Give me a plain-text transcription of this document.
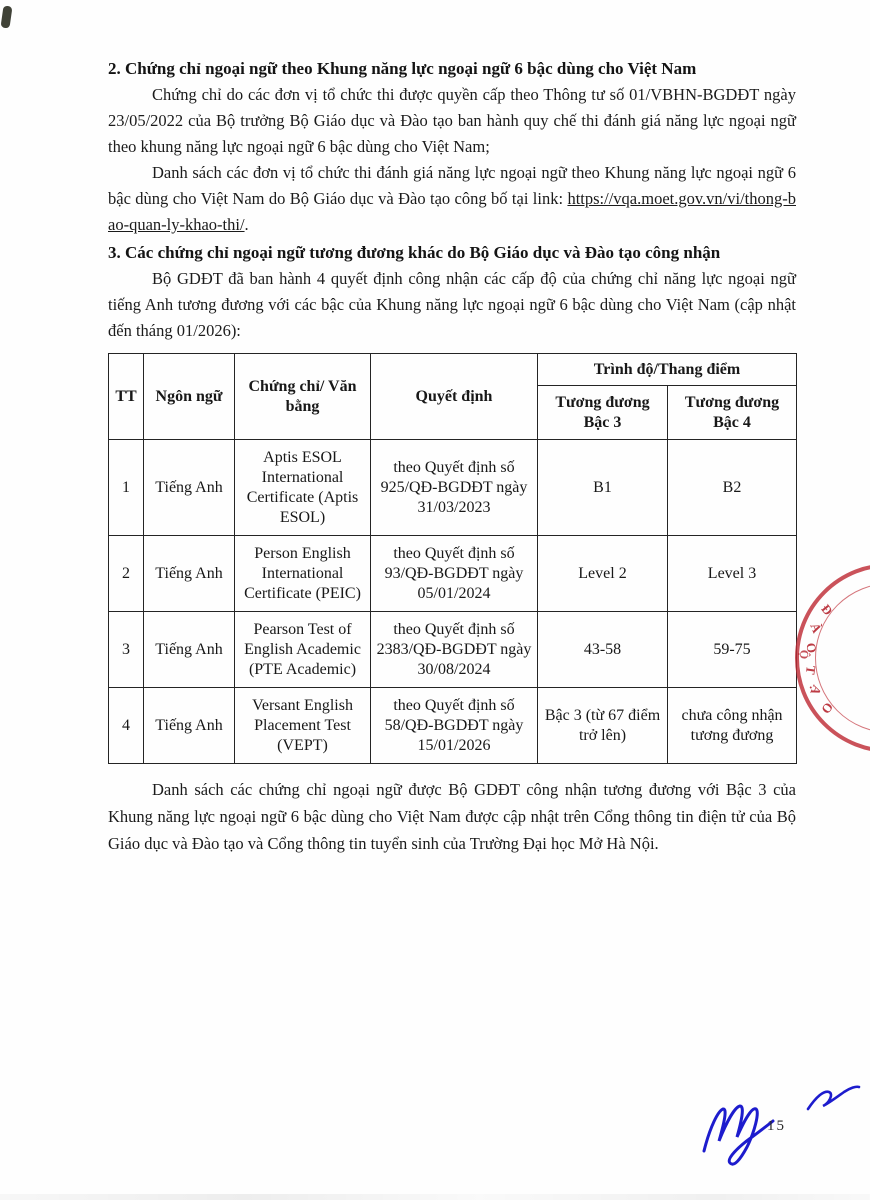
2. Chứng chỉ ngoại ngữ theo Khung năng lực ngoại ngữ 6 bậc dùng cho Việt Nam

Chứng chỉ do các đơn vị tổ chức thi được quyền cấp theo Thông tư số 01/VBHN-BGDĐT ngày 23/05/2022 của Bộ trưởng Bộ Giáo dục và Đào tạo ban hành quy chế thi đánh giá năng lực ngoại ngữ theo khung năng lực ngoại ngữ 6 bậc dùng cho Việt Nam;

Danh sách các đơn vị tổ chức thi đánh giá năng lực ngoại ngữ theo Khung năng lực ngoại ngữ 6 bậc dùng cho Việt Nam do Bộ Giáo dục và Đào tạo công bố tại link: https://vqa.moet.gov.vn/vi/thong-bao-quan-ly-khao-thi/.

3. Các chứng chỉ ngoại ngữ tương đương khác do Bộ Giáo dục và Đào tạo công nhận

Bộ GDĐT đã ban hành 4 quyết định công nhận các cấp độ của chứng chỉ năng lực ngoại ngữ tiếng Anh tương đương với các bậc của Khung năng lực ngoại ngữ 6 bậc dùng cho Việt Nam (cập nhật đến tháng 01/2026):

TT	Ngôn ngữ	Chứng chỉ/ Văn bằng	Quyết định	Trình độ/Thang điểm	
				Tương đương Bậc 3	Tương đương Bậc 4
1	Tiếng Anh	Aptis ESOL International Certificate (Aptis ESOL)	theo Quyết định số 925/QĐ-BGDĐT ngày 31/03/2023	B1	B2
2	Tiếng Anh	Person English International Certificate (PEIC)	theo Quyết định số 93/QĐ-BGDĐT ngày 05/01/2024	Level 2	Level 3
3	Tiếng Anh	Pearson Test of English Academic (PTE Academic)	theo Quyết định số 2383/QĐ-BGDĐT ngày 30/08/2024	43-58	59-75
4	Tiếng Anh	Versant English Placement Test (VEPT)	theo Quyết định số 58/QĐ-BGDĐT ngày 15/01/2026	Bậc 3 (từ 67 điểm trở lên)	chưa công nhận tương đương

Danh sách các chứng chỉ ngoại ngữ được Bộ GDĐT công nhận tương đương với Bậc 3 của Khung năng lực ngoại ngữ 6 bậc dùng cho Việt Nam được cập nhật trên Cổng thông tin điện tử của Bộ Giáo dục và Đào tạo và Cổng thông tin tuyển sinh của Trường Đại học Mở Hà Nội.

Đ
À
O
T
Ạ
O
Ộ
15
